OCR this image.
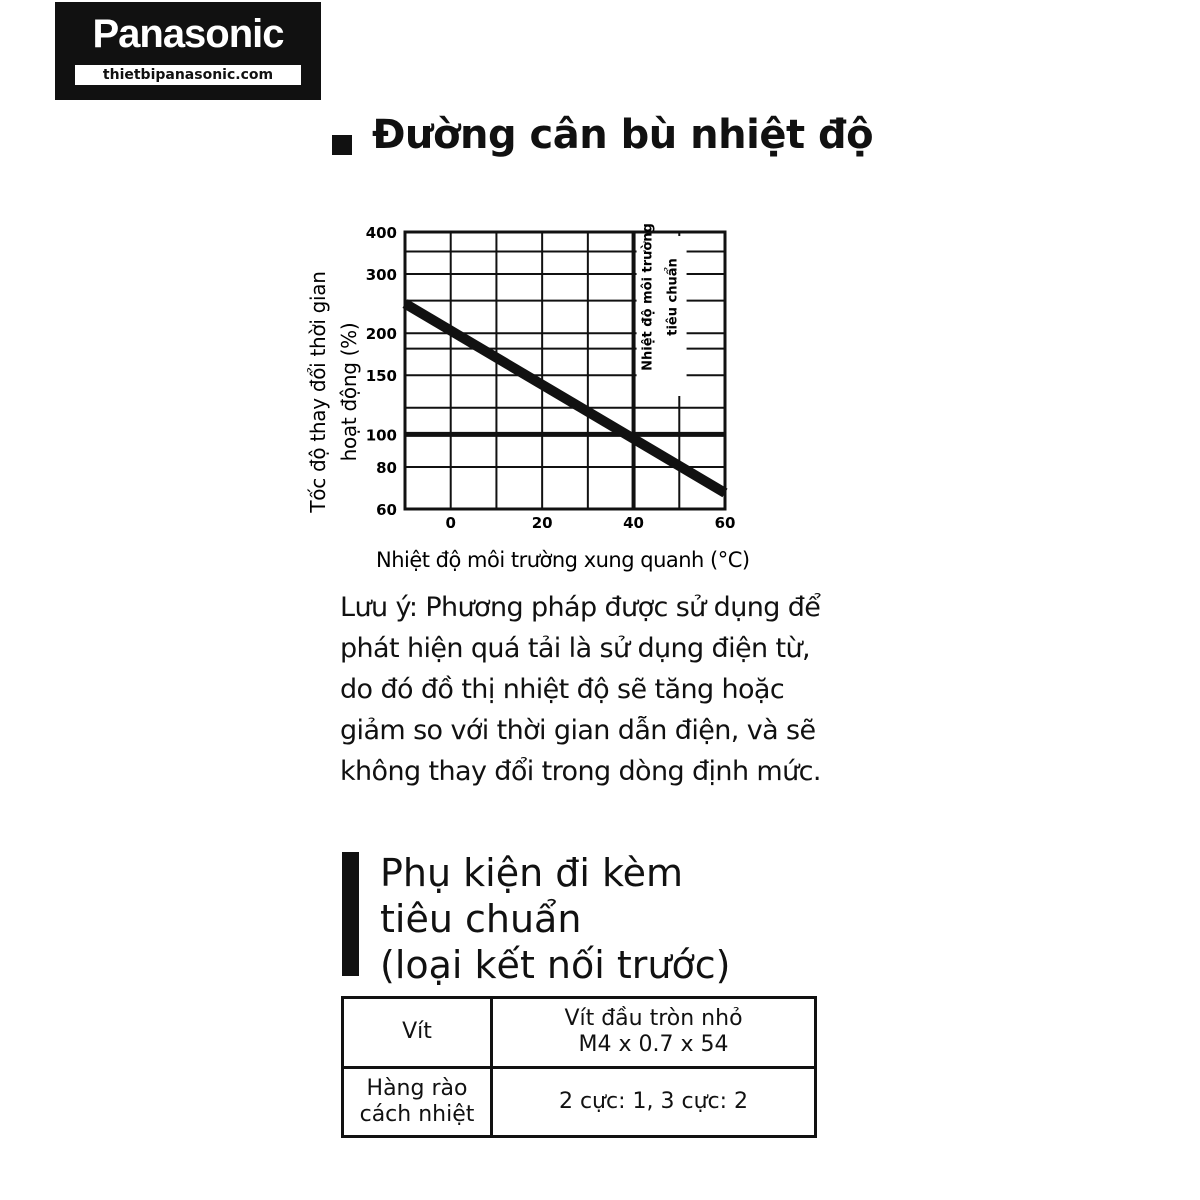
Panasonic
thietbipanasonic.com
Đường cân bù nhiệt độ
Nhiệt độ môi trường tiêu chuẩn
60
80
100
150
200
300
400
0	20	40	60
Nhiệt độ môi trường xung quanh (°C)
Tốc độ thay đổi thời gian hoạt động (%)
Lưu ý: Phương pháp được sử dụng để
phát hiện quá tải là sử dụng điện từ,
do đó đồ thị nhiệt độ sẽ tăng hoặc
giảm so với thời gian dẫn điện, và sẽ
không thay đổi trong dòng định mức.
Phụ kiện đi kèm
tiêu chuẩn
(loại kết nối trước)
Vít	Vít đầu tròn nhỏ
M4 x 0.7 x 54

Hàng rào
cách nhiệt	2 cực: 1, 3 cực: 2
